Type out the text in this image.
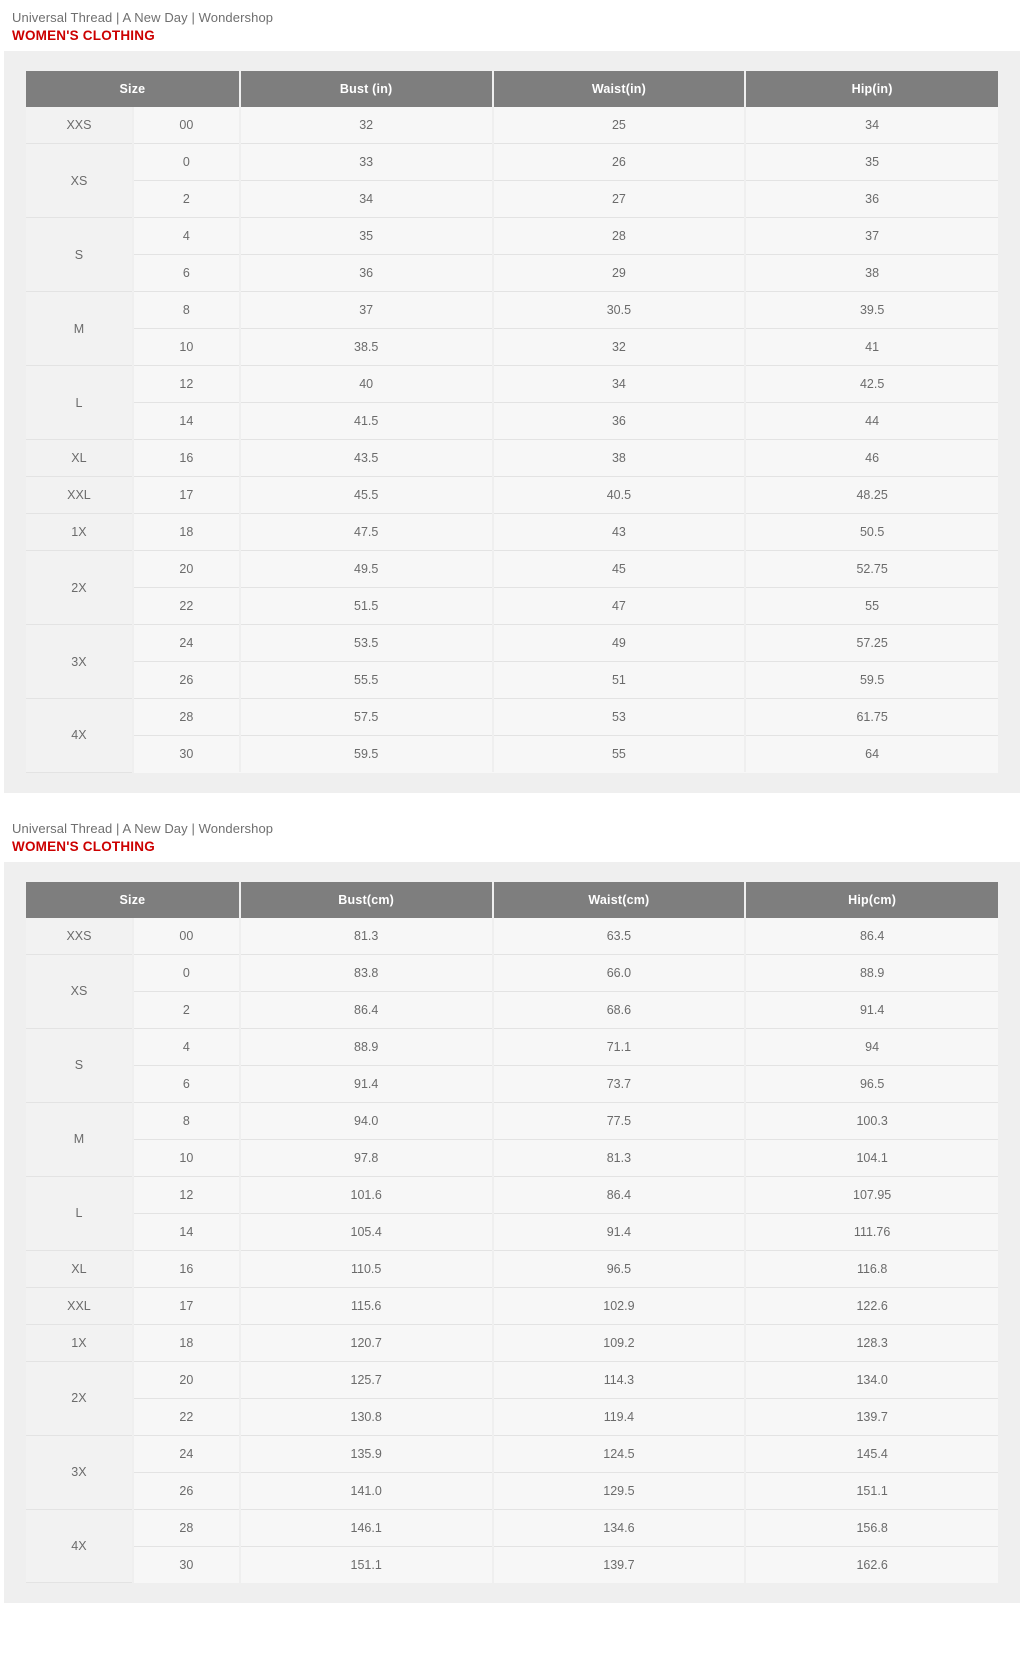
Universal Thread | A New Day | Wondershop
WOMEN'S CLOTHING
Size		Bust (in)	Waist(in)	Hip(in)
XXS	00	32	25	34
XS	0	33	26	35
	2	34	27	36
S	4	35	28	37
	6	36	29	38
M	8	37	30.5	39.5
	10	38.5	32	41
L	12	40	34	42.5
	14	41.5	36	44
XL	16	43.5	38	46
XXL	17	45.5	40.5	48.25
1X	18	47.5	43	50.5
2X	20	49.5	45	52.75
	22	51.5	47	55
3X	24	53.5	49	57.25
	26	55.5	51	59.5
4X	28	57.5	53	61.75
	30	59.5	55	64
Universal Thread | A New Day | Wondershop
WOMEN'S CLOTHING
Size		Bust(cm)	Waist(cm)	Hip(cm)
XXS	00	81.3	63.5	86.4
XS	0	83.8	66.0	88.9
	2	86.4	68.6	91.4
S	4	88.9	71.1	94
	6	91.4	73.7	96.5
M	8	94.0	77.5	100.3
	10	97.8	81.3	104.1
L	12	101.6	86.4	107.95
	14	105.4	91.4	111.76
XL	16	110.5	96.5	116.8
XXL	17	115.6	102.9	122.6
1X	18	120.7	109.2	128.3
2X	20	125.7	114.3	134.0
	22	130.8	119.4	139.7
3X	24	135.9	124.5	145.4
	26	141.0	129.5	151.1
4X	28	146.1	134.6	156.8
	30	151.1	139.7	162.6
